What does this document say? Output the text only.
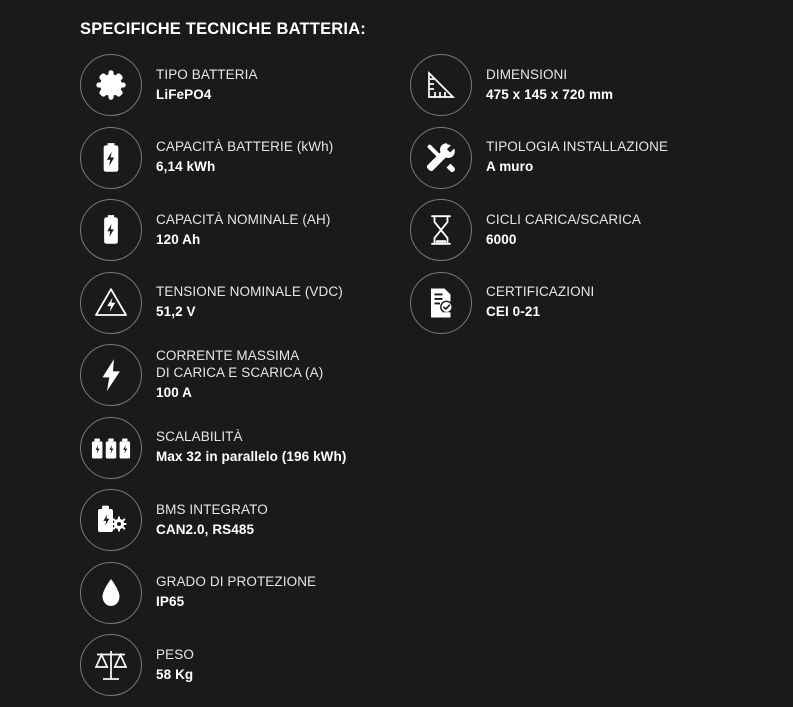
SPECIFICHE TECNICHE BATTERIA:
TIPO BATTERIA
LiFePO4
CAPACITÀ BATTERIE (kWh)
6,14 kWh
CAPACITÀ NOMINALE (AH)
120 Ah
TENSIONE NOMINALE (VDC)
51,2 V
CORRENTE MASSIMA
DI CARICA E SCARICA (A)
100 A
SCALABILITÀ
Max 32 in parallelo (196 kWh)
BMS INTEGRATO
CAN2.0, RS485
GRADO DI PROTEZIONE
IP65
PESO
58 Kg
DIMENSIONI
475 x 145 x 720 mm
TIPOLOGIA INSTALLAZIONE
A muro
CICLI CARICA/SCARICA
6000
CERTIFICAZIONI
CEI 0-21
